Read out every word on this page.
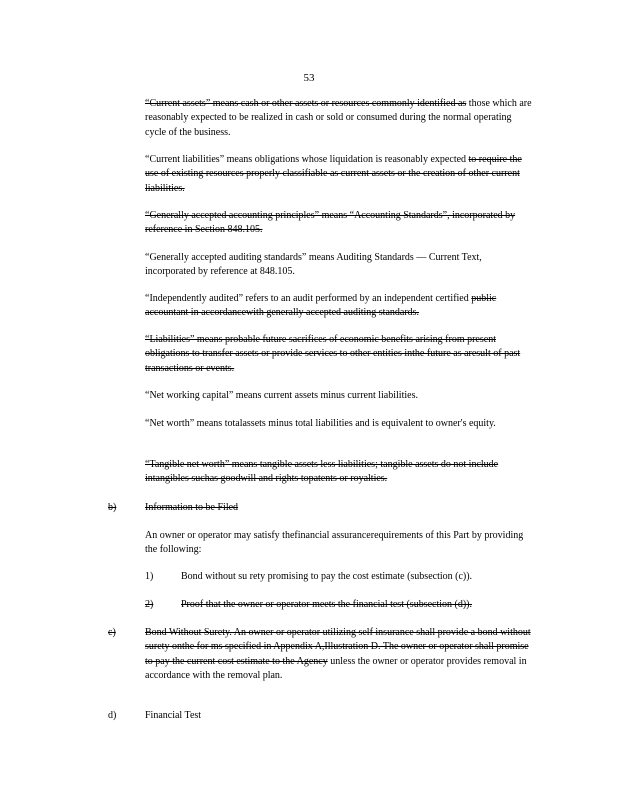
53

“Current assets” means cash or other assets or resources commonly identified as those which are reasonably expected to be realized in cash or sold or consumed during the normal operating cycle of the business.

“Current liabilities” means obligations whose liquidation is reasonably expected to require the use of existing resources properly classifiable as current assets or the creation of other current liabilities.

“Generally accepted accounting principles” means “Accounting Standards”, incorporated by reference in Section 848.105.

“Generally accepted auditing standards” means Auditing Standards — Current Text, incorporated by reference at 848.105.

“Independently audited” refers to an audit performed by an independent certified public accountant in accordancewith generally accepted auditing standards.

“Liabilities” means probable future sacrifices of economic benefits arising from present obligations to transfer assets or provide services to other entities inthe future as aresult of past transactions or events.

“Net working capital” means current assets minus current liabilities.

“Net worth” means totalassets minus total liabilities and is equivalent to owner's equity.

“Tangible net worth” means tangible assets less liabilities; tangible assets do not include intangibles suchas goodwill and rights topatents or royalties.

b)	Information to be Filed

An owner or operator may satisfy thefinancial assurancerequirements of this Part by providing the following:

1)	Bond without su rety promising to pay the cost estimate (subsection (c)).
2)	Proof that the owner or operator meets the financial test (subsection (d)).
c)	Bond Without Surety. An owner or operator utilizing self insurance shall provide a bond without surety onthe for ms specified in Appendix A,Illustration D. The owner or operator shall promise to pay the current cost estimate to the Agency unless the owner or operator provides removal in accordance with the removal plan.

d)	Financial Test
